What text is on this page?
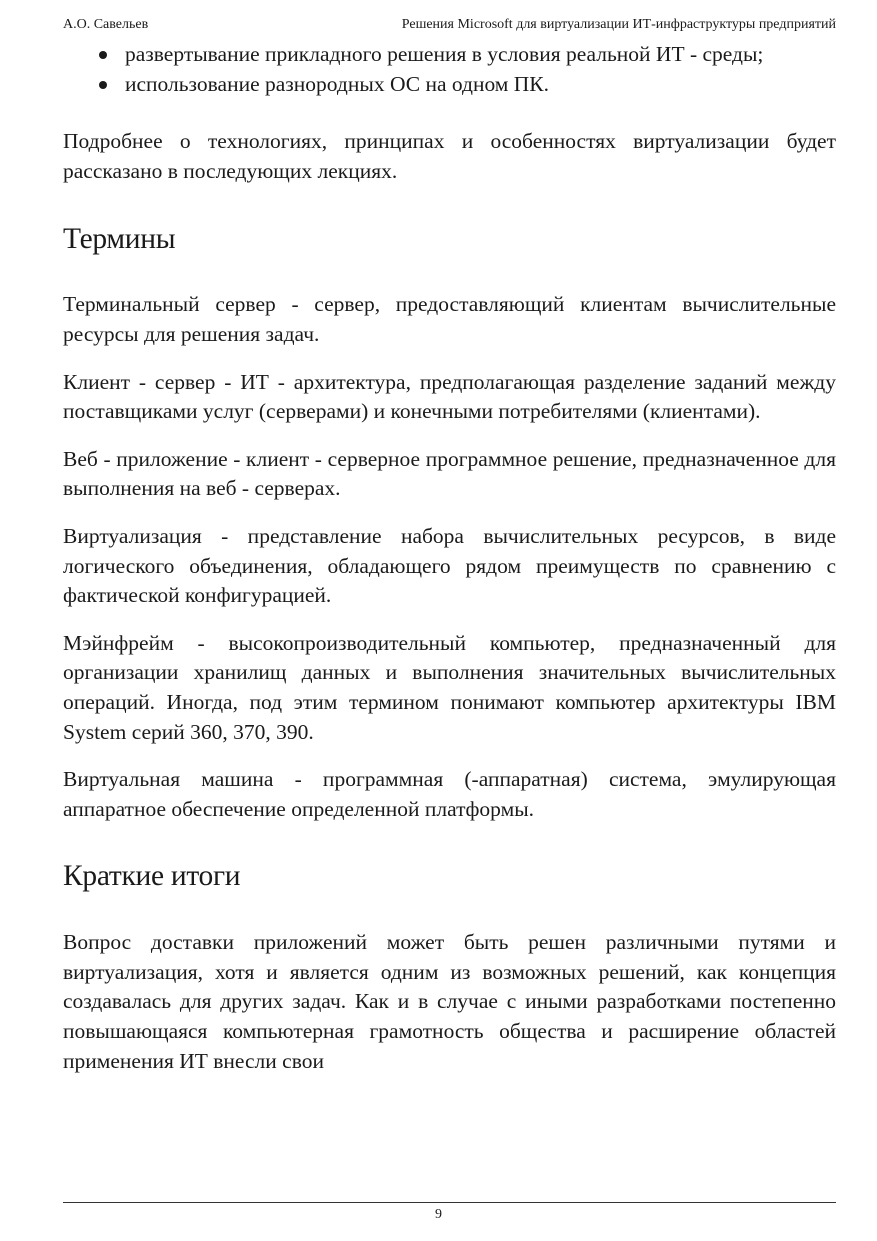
А.О. Савельев	Решения Microsoft для виртуализации ИТ-инфраструктуры предприятий
развертывание прикладного решения в условия реальной ИТ - среды;
использование разнородных ОС на одном ПК.

Подробнее о технологиях, принципах и особенностях виртуализации будет рассказано в последующих лекциях.

Термины

Терминальный сервер - сервер, предоставляющий клиентам вычислительные ресурсы для решения задач.

Клиент - сервер - ИТ - архитектура, предполагающая разделение заданий между поставщиками услуг (серверами) и конечными потребителями (клиентами).

Веб - приложение - клиент - серверное программное решение, предназначенное для выполнения на веб - серверах.

Виртуализация - представление набора вычислительных ресурсов, в виде логического объединения, обладающего рядом преимуществ по сравнению с фактической конфигурацией.

Мэйнфрейм - высокопроизводительный компьютер, предназначенный для организации хранилищ данных и выполнения значительных вычислительных операций. Иногда, под этим термином понимают компьютер архитектуры IBM System серий 360, 370, 390.

Виртуальная машина - программная (-аппаратная) система, эмулирующая аппаратное обеспечение определенной платформы.

Краткие итоги

Вопрос доставки приложений может быть решен различными путями и виртуализация, хотя и является одним из возможных решений, как концепция создавалась для других задач. Как и в случае с иными разработками постепенно повышающаяся компьютерная грамотность общества и расширение областей применения ИТ внесли свои

9
